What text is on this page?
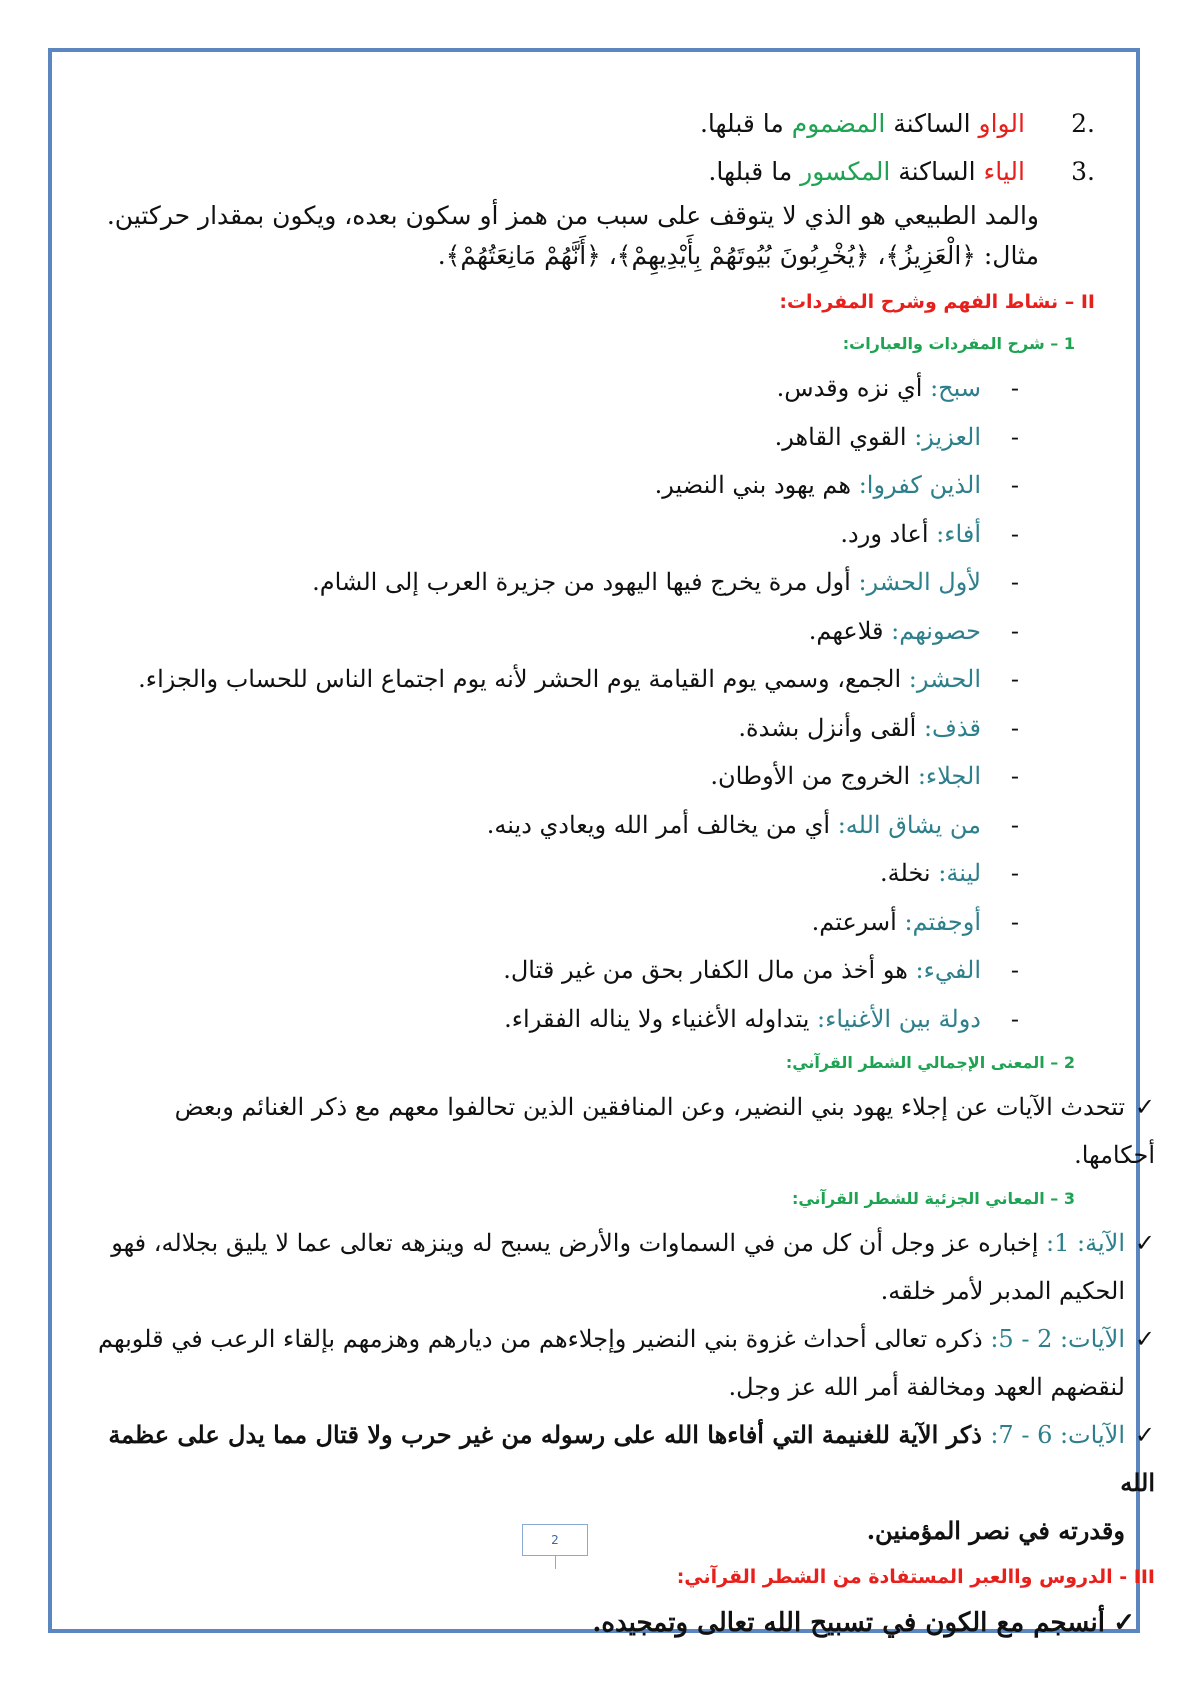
2.
الواو الساكنة المضموم ما قبلها.
3.
الياء الساكنة المكسور ما قبلها.
والمد الطبيعي هو الذي لا يتوقف على سبب من همز أو سكون بعده، ويكون بمقدار حركتين.
مثال: ﴿الْعَزِيزُ﴾، ﴿يُخْرِبُونَ بُيُوتَهُمْ بِأَيْدِيهِمْ﴾، ﴿أَنَّهُمْ مَانِعَتُهُمْ﴾.
II – نشاط الفهم وشرح المفردات:
1 – شرح المفردات والعبارات:
-سبح: أي نزه وقدس.
-العزيز: القوي القاهر.
-الذين كفروا: هم يهود بني النضير.
-أفاء: أعاد ورد.
-لأول الحشر: أول مرة يخرج فيها اليهود من جزيرة العرب إلى الشام.
-حصونهم: قلاعهم.
-الحشر: الجمع، وسمي يوم القيامة يوم الحشر لأنه يوم اجتماع الناس للحساب والجزاء.
-قذف: ألقى وأنزل بشدة.
-الجلاء: الخروج من الأوطان.
-من يشاق الله: أي من يخالف أمر الله ويعادي دينه.
-لينة: نخلة.
-أوجفتم: أسرعتم.
-الفيء: هو أخذ من مال الكفار بحق من غير قتال.
-دولة بين الأغنياء: يتداوله الأغنياء ولا يناله الفقراء.
2 – المعنى الإجمالي الشطر القرآني:
✓تتحدث الآيات عن إجلاء يهود بني النضير، وعن المنافقين الذين تحالفوا معهم مع ذكر الغنائم وبعض أحكامها.
3 – المعاني الجزئية للشطر القرآني:
✓الآية: 1: إخباره عز وجل أن كل من في السماوات والأرض يسبح له وينزهه تعالى عما لا يليق بجلاله، فهو
الحكيم المدبر لأمر خلقه.
✓الآيات: 2 - 5: ذكره تعالى أحداث غزوة بني النضير وإجلاءهم من ديارهم وهزمهم بإلقاء الرعب في قلوبهم
لنقضهم العهد ومخالفة أمر الله عز وجل.
✓الآيات: 6 - 7: ذكر الآية للغنيمة التي أفاءها الله على رسوله من غير حرب ولا قتال مما يدل على عظمة الله
وقدرته في نصر المؤمنين.
III - الدروس واالعبر المستفادة من الشطر القرآني:
✓أنسجم مع الكون في تسبيح الله تعالى وتمجيده.
2
